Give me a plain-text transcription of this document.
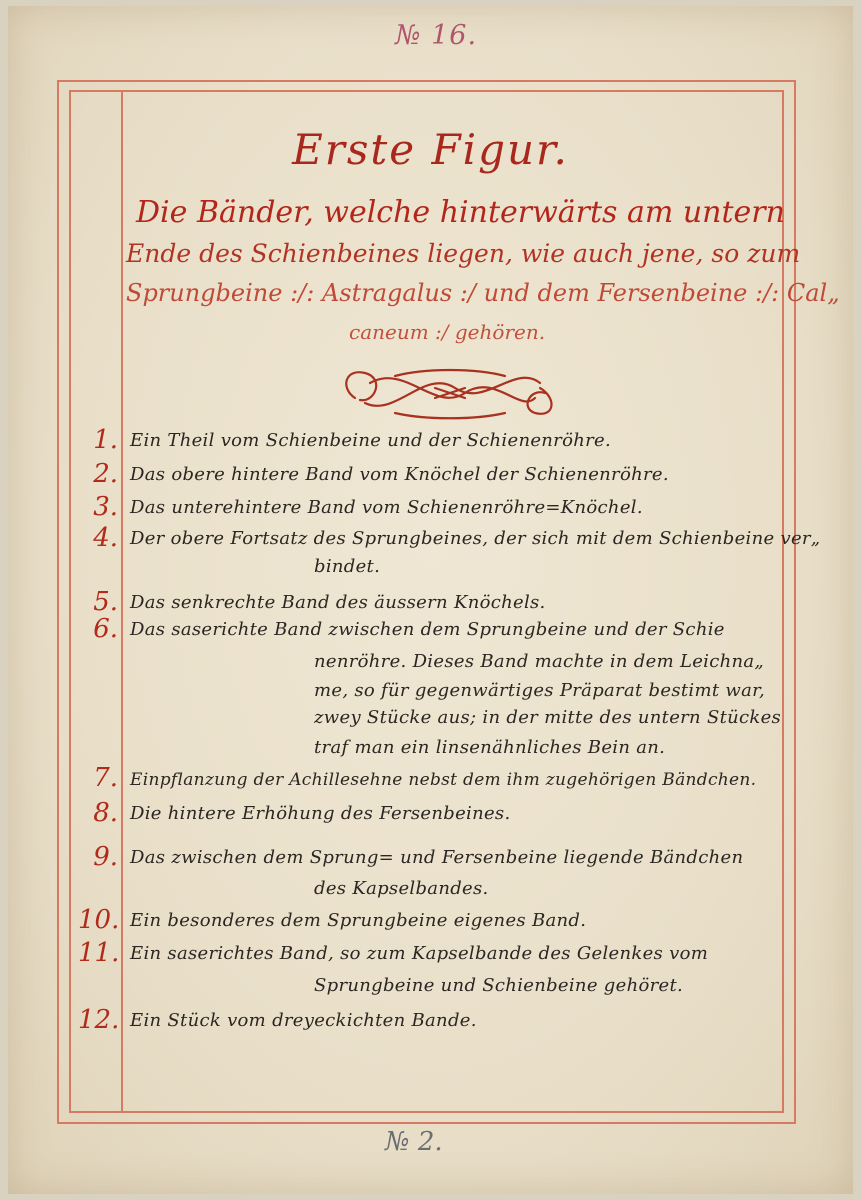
№ 16.
Erste Figur.
Die Bänder, welche hinterwärts am untern
Ende des Schienbeines liegen, wie auch jene, so zum
Sprungbeine :/: Astragalus :/ und dem Fersenbeine :/: Cal„
caneum :/ gehören.
1. Ein Theil vom Schienbeine und der Schienenröhre.
2. Das obere hintere Band vom Knöchel der Schienenröhre.
3. Das unterehintere Band vom Schienenröhre=Knöchel.
4. Der obere Fortsatz des Sprungbeines, der sich mit dem Schienbeine ver„
bindet.
5. Das senkrechte Band des äussern Knöchels.
6. Das saserichte Band zwischen dem Sprungbeine und der Schie
nenröhre. Dieses Band machte in dem Leichna„
me, so für gegenwärtiges Präparat bestimt war,
zwey Stücke aus; in der mitte des untern Stückes
traf man ein linsenähnliches Bein an.
7. Einpflanzung der Achillesehne nebst dem ihm zugehörigen Bändchen.
8. Die hintere Erhöhung des Fersenbeines.
9. Das zwischen dem Sprung= und Fersenbeine liegende Bändchen
des Kapselbandes.
10. Ein besonderes dem Sprungbeine eigenes Band.
11. Ein saserichtes Band, so zum Kapselbande des Gelenkes vom
Sprungbeine und Schienbeine gehöret.
12. Ein Stück vom dreyeckichten Bande.
№ 2.
